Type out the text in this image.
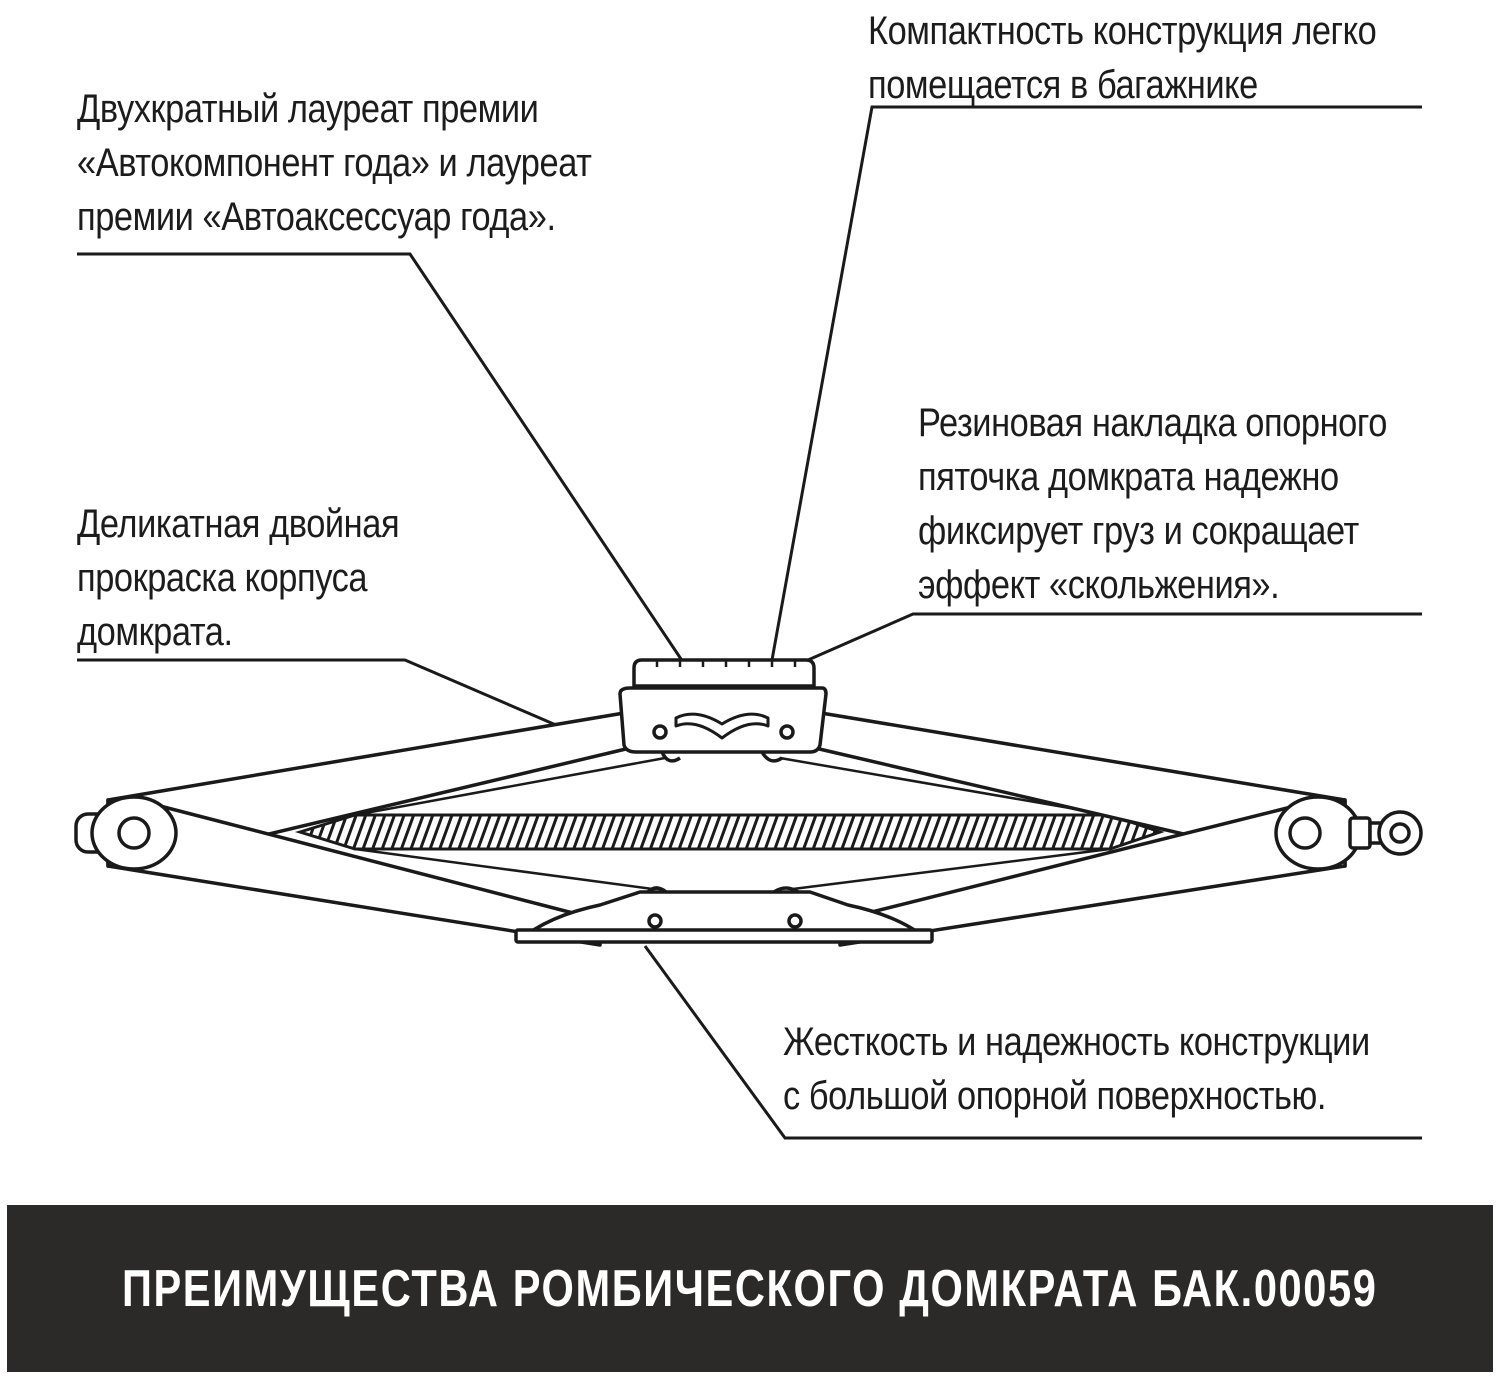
Двухкратный лауреат премии
«Автокомпонент года» и лауреат
премии «Автоаксессуар года».
Компактность конструкция легко
помещается в багажнике
Деликатная двойная
прокраска корпуса
домкрата.
Резиновая накладка опорного
пяточка домкрата надежно
фиксирует груз и сокращает
эффект «скольжения».
Жесткость и надежность конструкции
с большой опорной поверхностью.
ПРЕИМУЩЕСТВА РОМБИЧЕСКОГО ДОМКРАТА БАК.00059
